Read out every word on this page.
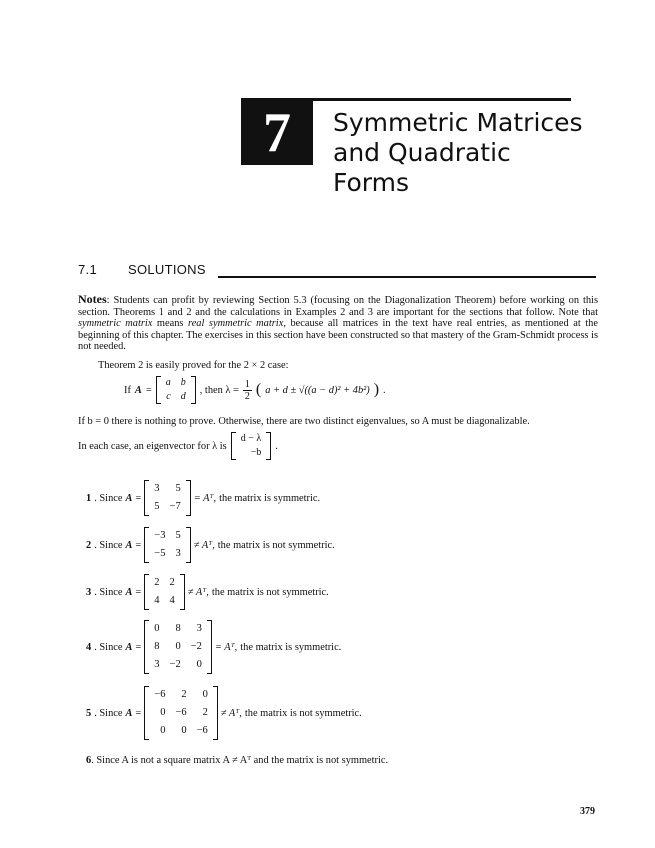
7	Symmetric Matrices
and Quadratic
Forms
7.1 SOLUTIONS
Notes: Students can profit by reviewing Section 5.3 (focusing on the Diagonalization Theorem) before working on this section. Theorems 1 and 2 and the calculations in Examples 2 and 3 are important for the sections that follow. Note that symmetric matrix means real symmetric matrix, because all matrices in the text have real entries, as mentioned at the beginning of this chapter. The exercises in this section have been constructed so that mastery of the Gram-Schmidt process is not needed.
Theorem 2 is easily proved for the 2 × 2 case:
If A =
a	b
c	d
, then $\lambda = \frac{1}{2}$ ( a + d ± √((a − d)² + 4b²) ) .
If b = 0 there is nothing to prove. Otherwise, there are two distinct eigenvalues, so A must be diagonalizable.
In each case, an eigenvector for λ is
d − λ
−b
.
1 . Since A =
3	5
5	−7
= Aᵀ, the matrix is symmetric.
2 . Since A =
−3	5
−5	3
≠ Aᵀ, the matrix is not symmetric.
3 . Since A =
2	2
4	4
≠ Aᵀ, the matrix is not symmetric.
4 . Since A =
0	8	3
8	0	−2
3	−2	0
= Aᵀ, the matrix is symmetric.
5 . Since A =
−6	2	0
0	−6	2
0	0	−6
≠ Aᵀ, the matrix is not symmetric.
6. Since A is not a square matrix A ≠ Aᵀ and the matrix is not symmetric.
379
